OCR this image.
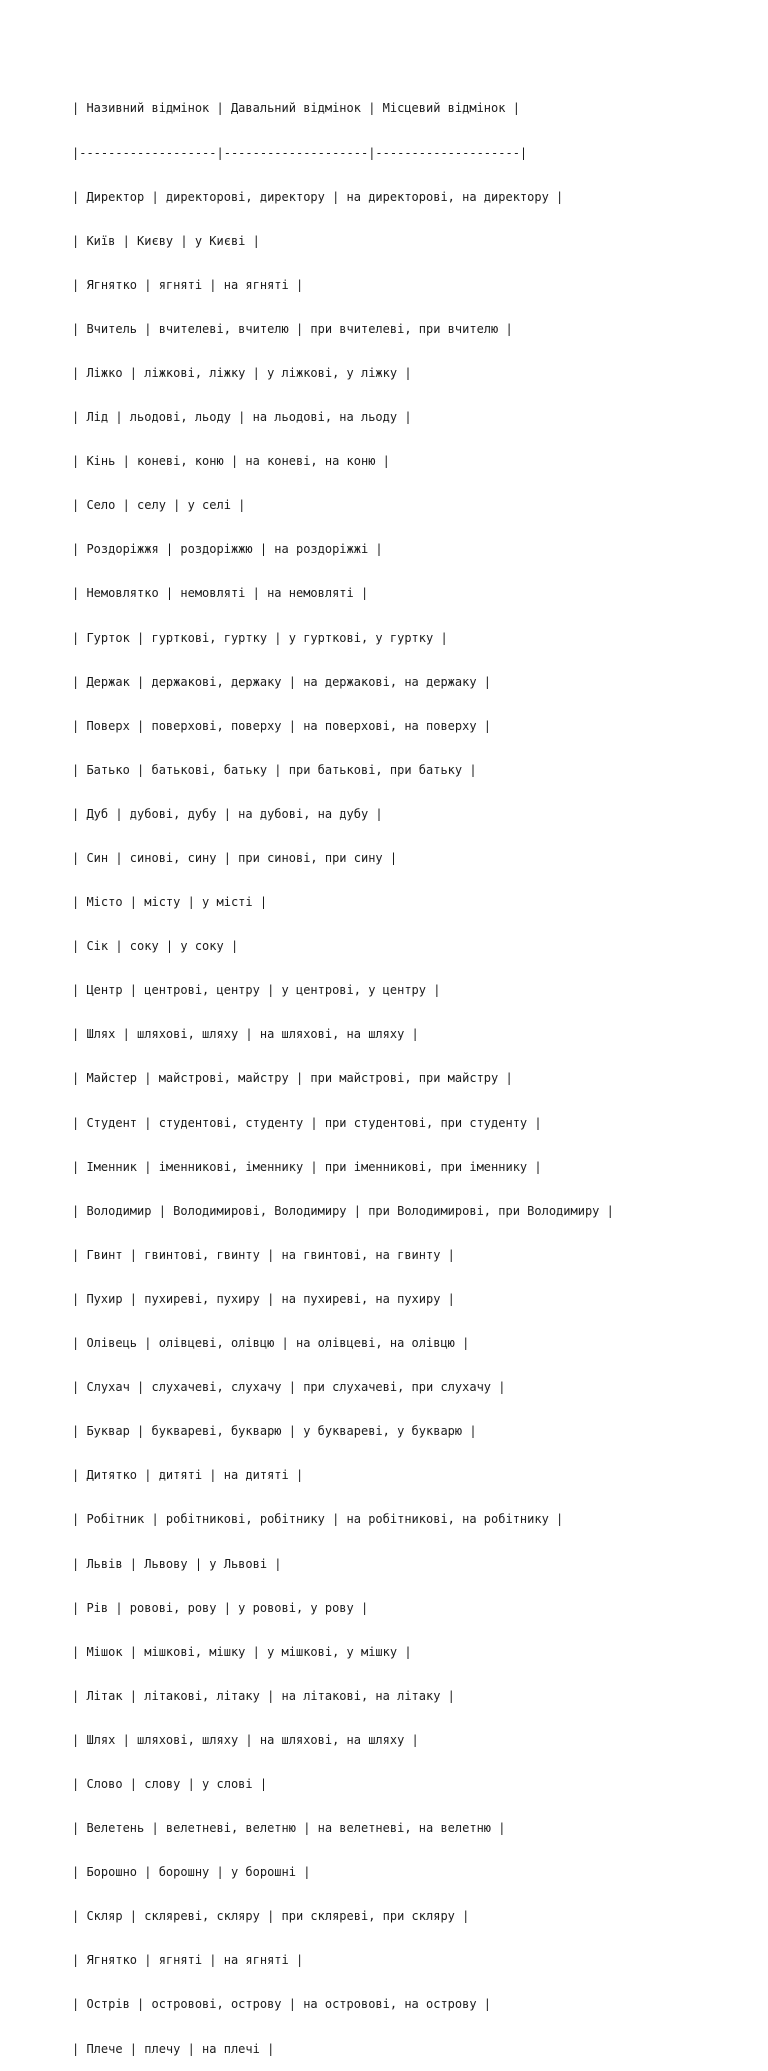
| Називний відмінок | Давальний відмінок | Місцевий відмінок |

|-------------------|--------------------|--------------------|

| Директор | директорові, директору | на директорові, на директору |

| Київ | Києву | у Києві |

| Ягнятко | ягняті | на ягняті |

| Вчитель | вчителеві, вчителю | при вчителеві, при вчителю |

| Ліжко | ліжкові, ліжку | у ліжкові, у ліжку |

| Лід | льодові, льоду | на льодові, на льоду |

| Кінь | коневі, коню | на коневі, на коню |

| Село | селу | у селі |

| Роздоріжжя | роздоріжжю | на роздоріжжі |

| Немовлятко | немовляті | на немовляті |

| Гурток | гуртковi, гуртку | у гурткові, у гуртку |

| Держак | держакові, держаку | на держакові, на держаку |

| Поверх | поверхові, поверху | на поверхові, на поверху |

| Батько | батькові, батьку | при батькові, при батьку |

| Дуб | дубові, дубу | на дубові, на дубу |

| Син | синові, сину | при синові, при сину |

| Місто | місту | у місті |

| Сік | соку | у соку |

| Центр | центрові, центру | у центрові, у центру |

| Шлях | шляхові, шляху | на шляхові, на шляху |

| Майстер | майстрові, майстру | при майстрові, при майстру |

| Студент | студентові, студенту | при студентові, при студенту |

| Іменник | іменникові, іменнику | при іменникові, при іменнику |

| Володимир | Володимирові, Володимиру | при Володимирові, при Володимиру |

| Гвинт | гвинтові, гвинту | на гвинтові, на гвинту |

| Пухир | пухиреві, пухиру | на пухиреві, на пухиру |

| Олівець | олівцеві, олівцю | на олівцеві, на олівцю |

| Слухач | слухачеві, слухачу | при слухачеві, при слухачу |

| Буквар | буквареві, букварю | у букварeві, у букварю |

| Дитятко | дитяті | на дитяті |

| Робітник | робітникові, робітнику | на робітникові, на робітнику |

| Львів | Львову | у Львові |

| Рів | ровові, рову | у ровові, у рову |

| Мішок | мішкові, мішку | у мішкові, у мішку |

| Літак | літакові, літаку | на літакові, на літаку |

| Шлях | шляхові, шляху | на шляхові, на шляху |

| Слово | слову | у слові |

| Велетень | велетневі, велетню | на велетневі, на велетню |

| Борошно | борошну | у борошні |

| Скляр | скляреві, скляру | при скляреві, при скляру |

| Ягнятко | ягняті | на ягняті |

| Острів | островові, острову | на островові, на острову |

| Плече | плечу | на плечі |
